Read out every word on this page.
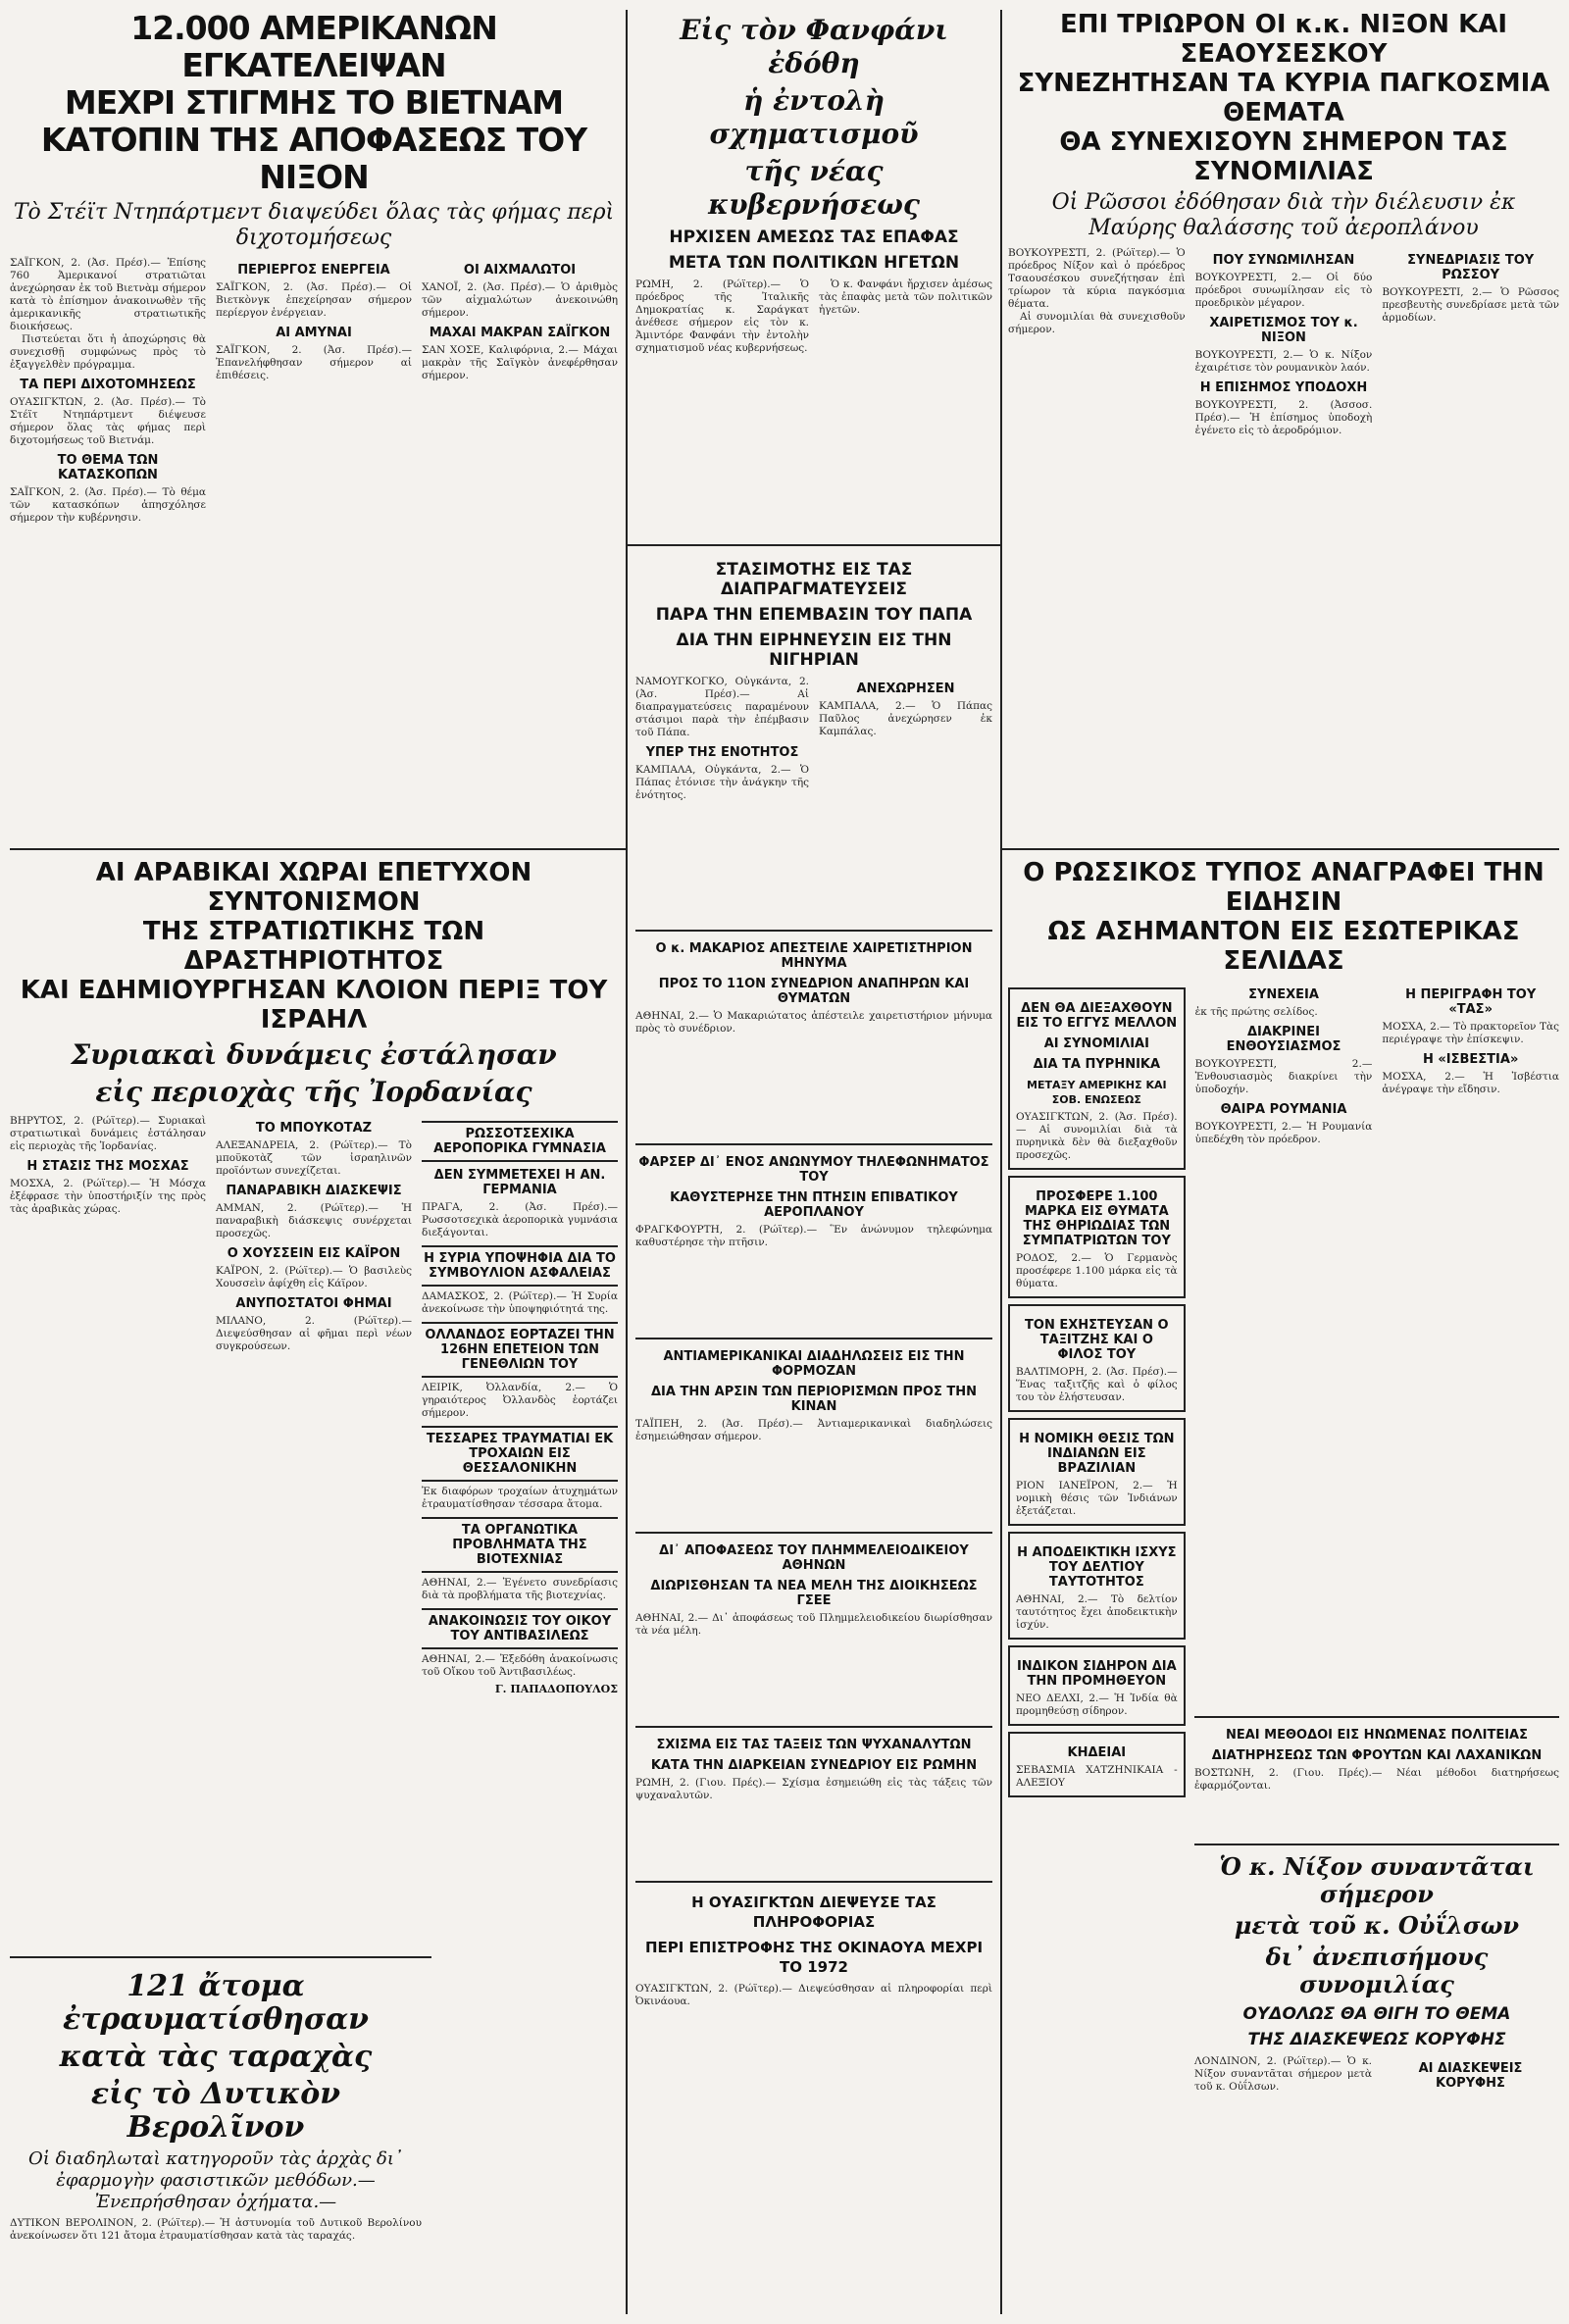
12.000 ΑΜΕΡΙΚΑΝΩΝ ΕΓΚΑΤΕΛΕΙΨΑΝ
ΜΕΧΡΙ ΣΤΙΓΜΗΣ ΤΟ ΒΙΕΤΝΑΜ
ΚΑΤΟΠΙΝ ΤΗΣ ΑΠΟΦΑΣΕΩΣ ΤΟΥ ΝΙΞΟΝ

Τὸ Στέϊτ Ντηπάρτμεντ διαψεύδει ὅλας τὰς φήμας περὶ διχοτομήσεως

ΣΑΪΓΚΟΝ, 2. (Ἀσ. Πρέσ).— Ἐπίσης 760 Ἀμερικανοί στρατιῶται ἀνεχώρησαν ἐκ τοῦ Βιετνὰμ σήμερον κατὰ τὸ ἐπίσημον ἀνακοινωθὲν τῆς ἀμερικανικῆς στρατιωτικῆς διοικήσεως.

Πιστεύεται ὅτι ἡ ἀποχώρησις θὰ συνεχισθῇ συμφώνως πρὸς τὸ ἐξαγγελθὲν πρόγραμμα.

ΤΑ ΠΕΡΙ ΔΙΧΟΤΟΜΗΣΕΩΣ

ΟΥΑΣΙΓΚΤΩΝ, 2. (Ἀσ. Πρέσ).— Τὸ Στέϊτ Ντηπάρτμεντ διέψευσε σήμερον ὅλας τὰς φήμας περὶ διχοτομήσεως τοῦ Βιετνάμ.

ΤΟ ΘΕΜΑ ΤΩΝ ΚΑΤΑΣΚΟΠΩΝ

ΣΑΪΓΚΟΝ, 2. (Ἀσ. Πρέσ).— Τὸ θέμα τῶν κατασκόπων ἀπησχόλησε σήμερον τὴν κυβέρνησιν.

ΠΕΡΙΕΡΓΟΣ ΕΝΕΡΓΕΙΑ

ΣΑΪΓΚΟΝ, 2. (Ἀσ. Πρέσ).— Οἱ Βιετκὸνγκ ἐπεχείρησαν σήμερον περίεργον ἐνέργειαν.

ΑΙ ΑΜΥΝΑΙ

ΣΑΪΓΚΟΝ, 2. (Ἀσ. Πρέσ).— Ἐπανελήφθησαν σήμερον αἱ ἐπιθέσεις.

ΟΙ ΑΙΧΜΑΛΩΤΟΙ

ΧΑΝΟΪ, 2. (Ἀσ. Πρέσ).— Ὁ ἀριθμὸς τῶν αἰχμαλώτων ἀνεκοινώθη σήμερον.

ΜΑΧΑΙ ΜΑΚΡΑΝ ΣΑΪΓΚΟΝ

ΣΑΝ ΧΟΣΕ, Καλιφόρνια, 2.— Μάχαι μακρὰν τῆς Σαϊγκὸν ἀνεφέρθησαν σήμερον.

Εἰς τὸν Φανφάνι ἐδόθη
ἡ ἐντολὴ σχηματισμοῦ
τῆς νέας κυβερνήσεως

ΗΡΧΙΣΕΝ ΑΜΕΣΩΣ ΤΑΣ ΕΠΑΦΑΣ

ΜΕΤΑ ΤΩΝ ΠΟΛΙΤΙΚΩΝ ΗΓΕΤΩΝ

ΡΩΜΗ, 2. (Ρώϊτερ).— Ὁ πρόεδρος τῆς Ἰταλικῆς Δημοκρατίας κ. Σαράγκατ ἀνέθεσε σήμερον εἰς τὸν κ. Ἀμιντόρε Φανφάνι τὴν ἐντολὴν σχηματισμοῦ νέας κυβερνήσεως.

Ὁ κ. Φανφάνι ἤρχισεν ἀμέσως τὰς ἐπαφὰς μετὰ τῶν πολιτικῶν ἡγετῶν.

ΕΠΙ ΤΡΙΩΡΟΝ ΟΙ κ.κ. ΝΙΞΟΝ ΚΑΙ ΣΕΑΟΥΣΕΣΚΟΥ
ΣΥΝΕΖΗΤΗΣΑΝ ΤΑ ΚΥΡΙΑ ΠΑΓΚΟΣΜΙΑ ΘΕΜΑΤΑ
ΘΑ ΣΥΝΕΧΙΣΟΥΝ ΣΗΜΕΡΟΝ ΤΑΣ ΣΥΝΟΜΙΛΙΑΣ

Οἱ Ρῶσσοι ἐδόθησαν διὰ τὴν διέλευσιν ἐκ Μαύρης θαλάσσης τοῦ ἀεροπλάνου

ΒΟΥΚΟΥΡΕΣΤΙ, 2. (Ρώϊτερ).— Ὁ πρόεδρος Νίξον καὶ ὁ πρόεδρος Τσαουσέσκου συνεζήτησαν ἐπὶ τρίωρον τὰ κύρια παγκόσμια θέματα.

Αἱ συνομιλίαι θὰ συνεχισθοῦν σήμερον.

ΠΟΥ ΣΥΝΩΜΙΛΗΣΑΝ

ΒΟΥΚΟΥΡΕΣΤΙ, 2.— Οἱ δύο πρόεδροι συνωμίλησαν εἰς τὸ προεδρικὸν μέγαρον.

ΧΑΙΡΕΤΙΣΜΟΣ ΤΟΥ κ. ΝΙΞΟΝ

ΒΟΥΚΟΥΡΕΣΤΙ, 2.— Ὁ κ. Νίξον ἐχαιρέτισε τὸν ρουμανικὸν λαόν.

Η ΕΠΙΣΗΜΟΣ ΥΠΟΔΟΧΗ

ΒΟΥΚΟΥΡΕΣΤΙ, 2. (Ἀσσοσ. Πρέσ).— Ἡ ἐπίσημος ὑποδοχὴ ἐγένετο εἰς τὸ ἀεροδρόμιον.

ΣΥΝΕΔΡΙΑΣΙΣ ΤΟΥ ΡΩΣΣΟΥ

ΒΟΥΚΟΥΡΕΣΤΙ, 2.— Ὁ Ρῶσσος πρεσβευτὴς συνεδρίασε μετὰ τῶν ἁρμοδίων.

ΑΙ ΑΡΑΒΙΚΑΙ ΧΩΡΑΙ ΕΠΕΤΥΧΟΝ ΣΥΝΤΟΝΙΣΜΟΝ
ΤΗΣ ΣΤΡΑΤΙΩΤΙΚΗΣ ΤΩΝ ΔΡΑΣΤΗΡΙΟΤΗΤΟΣ
ΚΑΙ ΕΔΗΜΙΟΥΡΓΗΣΑΝ ΚΛΟΙΟΝ ΠΕΡΙΞ ΤΟΥ ΙΣΡΑΗΛ

Συριακαὶ δυνάμεις ἐστάλησαν

εἰς περιοχὰς τῆς Ἰορδανίας

ΒΗΡΥΤΟΣ, 2. (Ρώϊτερ).— Συριακαὶ στρατιωτικαὶ δυνάμεις ἐστάλησαν εἰς περιοχὰς τῆς Ἰορδανίας.

Η ΣΤΑΣΙΣ ΤΗΣ ΜΟΣΧΑΣ

ΜΟΣΧΑ, 2. (Ρώϊτερ).— Ἡ Μόσχα ἐξέφρασε τὴν ὑποστήριξίν της πρὸς τὰς ἀραβικὰς χώρας.

ΤΟ ΜΠΟΥΚΟΤΑΖ

ΑΛΕΞΑΝΔΡΕΙΑ, 2. (Ρώϊτερ).— Τὸ μποϋκοτὰζ τῶν ἰσραηλινῶν προϊόντων συνεχίζεται.

ΠΑΝΑΡΑΒΙΚΗ ΔΙΑΣΚΕΨΙΣ

ΑΜΜΑΝ, 2. (Ρώϊτερ).— Ἡ παναραβικὴ διάσκεψις συνέρχεται προσεχῶς.

Ο ΧΟΥΣΣΕΙΝ ΕΙΣ ΚΑΪΡΟΝ

ΚΑΪΡΟΝ, 2. (Ρώϊτερ).— Ὁ βασιλεὺς Χουσσεὶν ἀφίχθη εἰς Κάϊρον.

ΑΝΥΠΟΣΤΑΤΟΙ ΦΗΜΑΙ

ΜΙΛΑΝΟ, 2. (Ρώϊτερ).— Διεψεύσθησαν αἱ φῆμαι περὶ νέων συγκρούσεων.

ΡΩΣΣΟΤΣΕΧΙΚΑ ΑΕΡΟΠΟΡΙΚΑ ΓΥΜΝΑΣΙΑ

ΔΕΝ ΣΥΜΜΕΤΕΧΕΙ Η ΑΝ. ΓΕΡΜΑΝΙΑ

ΠΡΑΓΑ, 2. (Ἀσ. Πρέσ).— Ρωσσοτσεχικὰ ἀεροπορικὰ γυμνάσια διεξάγονται.

Η ΣΥΡΙΑ ΥΠΟΨΗΦΙΑ ΔΙΑ ΤΟ ΣΥΜΒΟΥΛΙΟΝ ΑΣΦΑΛΕΙΑΣ

ΔΑΜΑΣΚΟΣ, 2. (Ρώϊτερ).— Ἡ Συρία ἀνεκοίνωσε τὴν ὑποψηφιότητά της.

ΟΛΛΑΝΔΟΣ ΕΟΡΤΑΖΕΙ ΤΗΝ 126ΗΝ ΕΠΕΤΕΙΟΝ ΤΩΝ ΓΕΝΕΘΛΙΩΝ ΤΟΥ

ΛΕΙΡΙΚ, Ὀλλανδία, 2.— Ὁ γηραιότερος Ὀλλανδὸς ἑορτάζει σήμερον.

ΤΕΣΣΑΡΕΣ ΤΡΑΥΜΑΤΙΑΙ ΕΚ ΤΡΟΧΑΙΩΝ ΕΙΣ ΘΕΣΣΑΛΟΝΙΚΗΝ

Ἐκ διαφόρων τροχαίων ἀτυχημάτων ἐτραυματίσθησαν τέσσαρα ἄτομα.

ΤΑ ΟΡΓΑΝΩΤΙΚΑ ΠΡΟΒΛΗΜΑΤΑ ΤΗΣ ΒΙΟΤΕΧΝΙΑΣ

ΑΘΗΝΑΙ, 2.— Ἐγένετο συνεδρίασις διὰ τὰ προβλήματα τῆς βιοτεχνίας.

ΑΝΑΚΟΙΝΩΣΙΣ ΤΟΥ ΟΙΚΟΥ ΤΟΥ ΑΝΤΙΒΑΣΙΛΕΩΣ

ΑΘΗΝΑΙ, 2.— Ἐξεδόθη ἀνακοίνωσις τοῦ Οἴκου τοῦ Ἀντιβασιλέως.

Γ. ΠΑΠΑΔΟΠΟΥΛΟΣ

121 ἄτομα ἐτραυματίσθησαν
κατὰ τὰς ταραχὰς
εἰς τὸ Δυτικὸν Βερολῖνον

Οἱ διαδηλωταὶ κατηγοροῦν τὰς ἀρχὰς δι᾽ ἐφαρμογὴν φασιστικῶν μεθόδων.— Ἐνεπρήσθησαν ὀχήματα.—

ΔΥΤΙΚΟΝ ΒΕΡΟΛΙΝΟΝ, 2. (Ρώϊτερ).— Ἡ ἀστυνομία τοῦ Δυτικοῦ Βερολίνου ἀνεκοίνωσεν ὅτι 121 ἄτομα ἐτραυματίσθησαν κατὰ τὰς ταραχάς.

ΣΤΑΣΙΜΟΤΗΣ ΕΙΣ ΤΑΣ ΔΙΑΠΡΑΓΜΑΤΕΥΣΕΙΣ

ΠΑΡΑ ΤΗΝ ΕΠΕΜΒΑΣΙΝ ΤΟΥ ΠΑΠΑ

ΔΙΑ ΤΗΝ ΕΙΡΗΝΕΥΣΙΝ ΕΙΣ ΤΗΝ ΝΙΓΗΡΙΑΝ

ΝΑΜΟΥΓΚΟΓΚΟ, Οὐγκάντα, 2. (Ἀσ. Πρέσ).— Αἱ διαπραγματεύσεις παραμένουν στάσιμοι παρὰ τὴν ἐπέμβασιν τοῦ Πάπα.

ΥΠΕΡ ΤΗΣ ΕΝΟΤΗΤΟΣ

ΚΑΜΠΑΛΑ, Οὐγκάντα, 2.— Ὁ Πάπας ἐτόνισε τὴν ἀνάγκην τῆς ἑνότητος.

ΑΝΕΧΩΡΗΣΕΝ

ΚΑΜΠΑΛΑ, 2.— Ὁ Πάπας Παῦλος ἀνεχώρησεν ἐκ Καμπάλας.

Ο κ. ΜΑΚΑΡΙΟΣ ΑΠΕΣΤΕΙΛΕ ΧΑΙΡΕΤΙΣΤΗΡΙΟΝ ΜΗΝΥΜΑ

ΠΡΟΣ ΤΟ 11ΟΝ ΣΥΝΕΔΡΙΟΝ ΑΝΑΠΗΡΩΝ ΚΑΙ ΘΥΜΑΤΩΝ

ΑΘΗΝΑΙ, 2.— Ὁ Μακαριώτατος ἀπέστειλε χαιρετιστήριον μήνυμα πρὸς τὸ συνέδριον.

ΦΑΡΣΕΡ ΔΙ᾽ ΕΝΟΣ ΑΝΩΝΥΜΟΥ ΤΗΛΕΦΩΝΗΜΑΤΟΣ ΤΟΥ

ΚΑΘΥΣΤΕΡΗΣΕ ΤΗΝ ΠΤΗΣΙΝ ΕΠΙΒΑΤΙΚΟΥ ΑΕΡΟΠΛΑΝΟΥ

ΦΡΑΓΚΦΟΥΡΤΗ, 2. (Ρώϊτερ).— Ἓν ἀνώνυμον τηλεφώνημα καθυστέρησε τὴν πτῆσιν.

ΑΝΤΙΑΜΕΡΙΚΑΝΙΚΑΙ ΔΙΑΔΗΛΩΣΕΙΣ ΕΙΣ ΤΗΝ ΦΟΡΜΟΖΑΝ

ΔΙΑ ΤΗΝ ΑΡΣΙΝ ΤΩΝ ΠΕΡΙΟΡΙΣΜΩΝ ΠΡΟΣ ΤΗΝ ΚΙΝΑΝ

ΤΑΪΠΕΗ, 2. (Ἀσ. Πρέσ).— Ἀντιαμερικανικαὶ διαδηλώσεις ἐσημειώθησαν σήμερον.

ΔΙ᾽ ΑΠΟΦΑΣΕΩΣ ΤΟΥ ΠΛΗΜΜΕΛΕΙΟΔΙΚΕΙΟΥ ΑΘΗΝΩΝ

ΔΙΩΡΙΣΘΗΣΑΝ ΤΑ ΝΕΑ ΜΕΛΗ ΤΗΣ ΔΙΟΙΚΗΣΕΩΣ ΓΣΕΕ

ΑΘΗΝΑΙ, 2.— Δι᾽ ἀποφάσεως τοῦ Πλημμελειοδικείου διωρίσθησαν τὰ νέα μέλη.

ΣΧΙΣΜΑ ΕΙΣ ΤΑΣ ΤΑΞΕΙΣ ΤΩΝ ΨΥΧΑΝΑΛΥΤΩΝ

ΚΑΤΑ ΤΗΝ ΔΙΑΡΚΕΙΑΝ ΣΥΝΕΔΡΙΟΥ ΕΙΣ ΡΩΜΗΝ

ΡΩΜΗ, 2. (Γιου. Πρές).— Σχίσμα ἐσημειώθη εἰς τὰς τάξεις τῶν ψυχαναλυτῶν.

Η ΟΥΑΣΙΓΚΤΩΝ ΔΙΕΨΕΥΣΕ ΤΑΣ ΠΛΗΡΟΦΟΡΙΑΣ

ΠΕΡΙ ΕΠΙΣΤΡΟΦΗΣ ΤΗΣ ΟΚΙΝΑΟΥΑ ΜΕΧΡΙ ΤΟ 1972

ΟΥΑΣΙΓΚΤΩΝ, 2. (Ρώϊτερ).— Διεψεύσθησαν αἱ πληροφορίαι περὶ Ὀκινάουα.

Ο ΡΩΣΣΙΚΟΣ ΤΥΠΟΣ ΑΝΑΓΡΑΦΕΙ ΤΗΝ ΕΙΔΗΣΙΝ
ΩΣ ΑΣΗΜΑΝΤΟΝ ΕΙΣ ΕΣΩΤΕΡΙΚΑΣ ΣΕΛΙΔΑΣ

ΔΕΝ ΘΑ ΔΙΕΞΑΧΘΟΥΝ ΕΙΣ ΤΟ ΕΓΓΥΣ ΜΕΛΛΟΝ

ΑΙ ΣΥΝΟΜΙΛΙΑΙ

ΔΙΑ ΤΑ ΠΥΡΗΝΙΚΑ

ΜΕΤΑΞΥ ΑΜΕΡΙΚΗΣ ΚΑΙ ΣΟΒ. ΕΝΩΣΕΩΣ

ΟΥΑΣΙΓΚΤΩΝ, 2. (Ἀσ. Πρέσ).— Αἱ συνομιλίαι διὰ τὰ πυρηνικὰ δὲν θὰ διεξαχθοῦν προσεχῶς.

ΠΡΟΣΦΕΡΕ 1.100 ΜΑΡΚΑ ΕΙΣ ΘΥΜΑΤΑ ΤΗΣ ΘΗΡΙΩΔΙΑΣ ΤΩΝ ΣΥΜΠΑΤΡΙΩΤΩΝ ΤΟΥ

ΡΟΔΟΣ, 2.— Ὁ Γερμανὸς προσέφερε 1.100 μάρκα εἰς τὰ θύματα.

ΤΟΝ ΕΧΗΣΤΕΥΣΑΝ Ο ΤΑΞΙΤΖΗΣ ΚΑΙ Ο ΦΙΛΟΣ ΤΟΥ

ΒΑΛΤΙΜΟΡΗ, 2. (Ἀσ. Πρέσ).— Ἕνας ταξιτζῆς καὶ ὁ φίλος του τὸν ἐλήστευσαν.

Η ΝΟΜΙΚΗ ΘΕΣΙΣ ΤΩΝ ΙΝΔΙΑΝΩΝ ΕΙΣ ΒΡΑΖΙΛΙΑΝ

ΡΙΟΝ ΙΑΝΕΪΡΟΝ, 2.— Ἡ νομικὴ θέσις τῶν Ἰνδιάνων ἐξετάζεται.

Η ΑΠΟΔΕΙΚΤΙΚΗ ΙΣΧΥΣ ΤΟΥ ΔΕΛΤΙΟΥ ΤΑΥΤΟΤΗΤΟΣ

ΑΘΗΝΑΙ, 2.— Τὸ δελτίον ταυτότητος ἔχει ἀποδεικτικὴν ἰσχύν.

ΙΝΔΙΚΟΝ ΣΙΔΗΡΟΝ ΔΙΑ ΤΗΝ ΠΡΟΜΗΘΕΥΟΝ

ΝΕΟ ΔΕΛΧΙ, 2.— Ἡ Ἰνδία θὰ προμηθεύσῃ σίδηρον.

ΚΗΔΕΙΑΙ

ΣΕΒΑΣΜΙΑ ΧΑΤΖΗΝΙΚΑΙΑ - ΑΛΕΞΙΟΥ

ΣΥΝΕΧΕΙΑ

ἐκ τῆς πρώτης σελίδος.

ΔΙΑΚΡΙΝΕΙ ΕΝΘΟΥΣΙΑΣΜΟΣ

ΒΟΥΚΟΥΡΕΣΤΙ, 2.— Ἐνθουσιασμὸς διακρίνει τὴν ὑποδοχήν.

ΘΑΙΡΑ ΡΟΥΜΑΝΙΑ

ΒΟΥΚΟΥΡΕΣΤΙ, 2.— Ἡ Ρουμανία ὑπεδέχθη τὸν πρόεδρον.

Η ΠΕΡΙΓΡΑΦΗ ΤΟΥ «ΤΑΣ»

ΜΟΣΧΑ, 2.— Τὸ πρακτορεῖον Τὰς περιέγραψε τὴν ἐπίσκεψιν.

Η «ΙΣΒΕΣΤΙΑ»

ΜΟΣΧΑ, 2.— Ἡ Ἰσβέστια ἀνέγραψε τὴν εἴδησιν.

ΝΕΑΙ ΜΕΘΟΔΟΙ ΕΙΣ ΗΝΩΜΕΝΑΣ ΠΟΛΙΤΕΙΑΣ

ΔΙΑΤΗΡΗΣΕΩΣ ΤΩΝ ΦΡΟΥΤΩΝ ΚΑΙ ΛΑΧΑΝΙΚΩΝ

ΒΟΣΤΩΝΗ, 2. (Γιου. Πρές).— Νέαι μέθοδοι διατηρήσεως ἐφαρμόζονται.

Ὁ κ. Νίξον συναντᾶται σήμερον
μετὰ τοῦ κ. Οὐΐλσων
δι᾽ ἀνεπισήμους συνομιλίας

ΟΥΔΟΛΩΣ ΘΑ ΘΙΓΗ ΤΟ ΘΕΜΑ

ΤΗΣ ΔΙΑΣΚΕΨΕΩΣ ΚΟΡΥΦΗΣ

ΛΟΝΔΙΝΟΝ, 2. (Ρώϊτερ).— Ὁ κ. Νίξον συναντᾶται σήμερον μετὰ τοῦ κ. Οὐΐλσων.

ΑΙ ΔΙΑΣΚΕΨΕΙΣ ΚΟΡΥΦΗΣ
